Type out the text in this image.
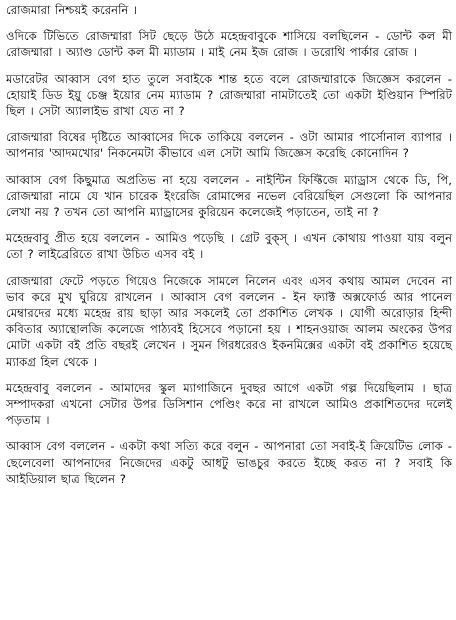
রোজমারা নিশ্চয়ই করেননি ।

ওদিকে টিভিতে রোজম্মারা সিট ছেড়ে উঠে মহেন্দ্রবাবুকে শাসিয়ে বলছিলেন - ডোন্ট কল মী রোজম্মারা । অ্যাণ্ড ডোন্ট কল মী ম্যাডাম । মাই নেম ইজ রোজ । ডরোথি পার্কার রোজ ।

মডারেটর আব্বাস বেগ হাত তুলে সবাইকে শান্ত হতে বলে রোজম্মারাকে জিজ্ঞেস করলেন - হোয়াই ডিড ইয়ু চেঞ্জ ইয়োর নেম ম্যাডাম ? রোজম্মারা নামটাতেই তো একটা ইণ্ডিয়ান স্পিরিট ছিল । সেটা অ্যালাইভ রাখা যেত না ?

রোজম্মারা বিষের দৃষ্টিতে আব্বাসের দিকে তাকিয়ে বললেন - ওটা আমার পার্সোনাল ব্যাপার । আপনার 'আদমখোর' নিকনেমটা কীভাবে এল সেটা আমি জিজ্ঞেস করেছি কোনোদিন ?

আব্বাস বেগ কিছুমাত্র অপ্রতিভ না হয়ে বললেন - নাইন্টিন ফিফ্টিজে ম্যাড্রাস থেকে ডি, পি, রোজম্মারা নামে যে খান চারেক ইংরেজি রোমান্সের নভেল বেরিয়েছিল সেগুলো কি আপনার লেখা নয় ? তখন তো আপনি ম্যাড্রাসের কুরিয়েন কলেজেই পড়াতেন, তাই না ?

মহেন্দ্রবাবু প্রীত হয়ে বললেন - আমিও পড়েছি । গ্রেট বুক্স্ । এখন কোথায় পাওয়া যায় বলুন তো ? লাইব্রেরিতে রাখা উচিত এসব বই ।

রোজম্মারা ফেটে পড়তে গিয়েও নিজেকে সামলে নিলেন এবং এসব কথায় আমল দেবেন না ভাব করে মুখ ঘুরিয়ে রাখলেন । আব্বাস বেগ বললেন - ইন ফ্যাক্ট অক্সফোর্ড আর পানেল মেম্বারদের মধ্যে মহেন্দ্র রায় ছাড়া আর সকলেই তো প্রকাশিত লেখক । যোগী অরোড়ার হিন্দী কবিতার অ্যান্থোলজি কলেজে পাঠ্যবই হিসেবে পড়ানো হয় । শাহনওয়াজ আলম অংকের উপর মোটা একটা বই প্রতি বছরই লেখেন । সুমন গিরধরেরও ইকনমিক্সের একটা বই প্রকাশিত হয়েছে ম্যাকগ্র হিল থেকে ।

মহেন্দ্রবাবু বললেন - আমাদের স্কুল ম্যাগাজিনে দুবছর আগে একটা গল্প দিয়েছিলাম । ছাত্র সম্পাদকরা এখনো সেটার উপর ডিসিশান পেণ্ডিং করে না রাখলে আমিও প্রকাশিতদের দলেই পড়তাম ।

আব্বাস বেগ বললেন - একটা কথা সত্যি করে বলুন - আপনারা তো সবাই-ই ক্রিয়েটিভ লোক - ছেলেবেলা আপনাদের নিজেদের একটু আধটু ভাঙচুর করতে ইচ্ছে করত না ? সবাই কি আইডিয়াল ছাত্র ছিলেন ?
